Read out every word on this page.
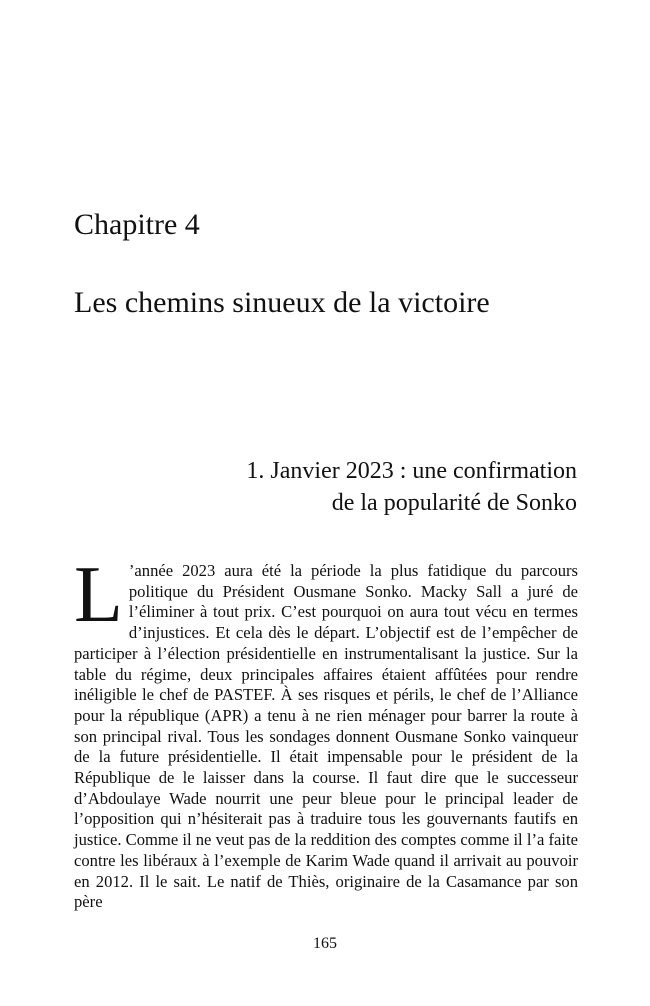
Chapitre 4
Les chemins sinueux de la victoire
1. Janvier 2023 : une confirmation
de la popularité de Sonko

L ’année 2023 aura été la période la plus fatidique du parcours politique du Président Ousmane Sonko. Macky Sall a juré de l’éliminer à tout prix. C’est pourquoi on aura tout vécu en termes d’injustices. Et cela dès le départ. L’objectif est de l’empêcher de participer à l’élection présidentielle en instrumentalisant la justice. Sur la table du régime, deux principales affaires étaient affûtées pour rendre inéligible le chef de PASTEF. À ses risques et périls, le chef de l’Alliance pour la république (APR) a tenu à ne rien ménager pour barrer la route à son principal rival. Tous les sondages donnent Ousmane Sonko vainqueur de la future présidentielle. Il était impensable pour le président de la République de le laisser dans la course. Il faut dire que le successeur d’Abdoulaye Wade nourrit une peur bleue pour le principal leader de l’opposition qui n’hésiterait pas à traduire tous les gouvernants fautifs en justice. Comme il ne veut pas de la reddition des comptes comme il l’a faite contre les libéraux à l’exemple de Karim Wade quand il arrivait au pouvoir en 2012. Il le sait. Le natif de Thiès, originaire de la Casamance par son père

165
